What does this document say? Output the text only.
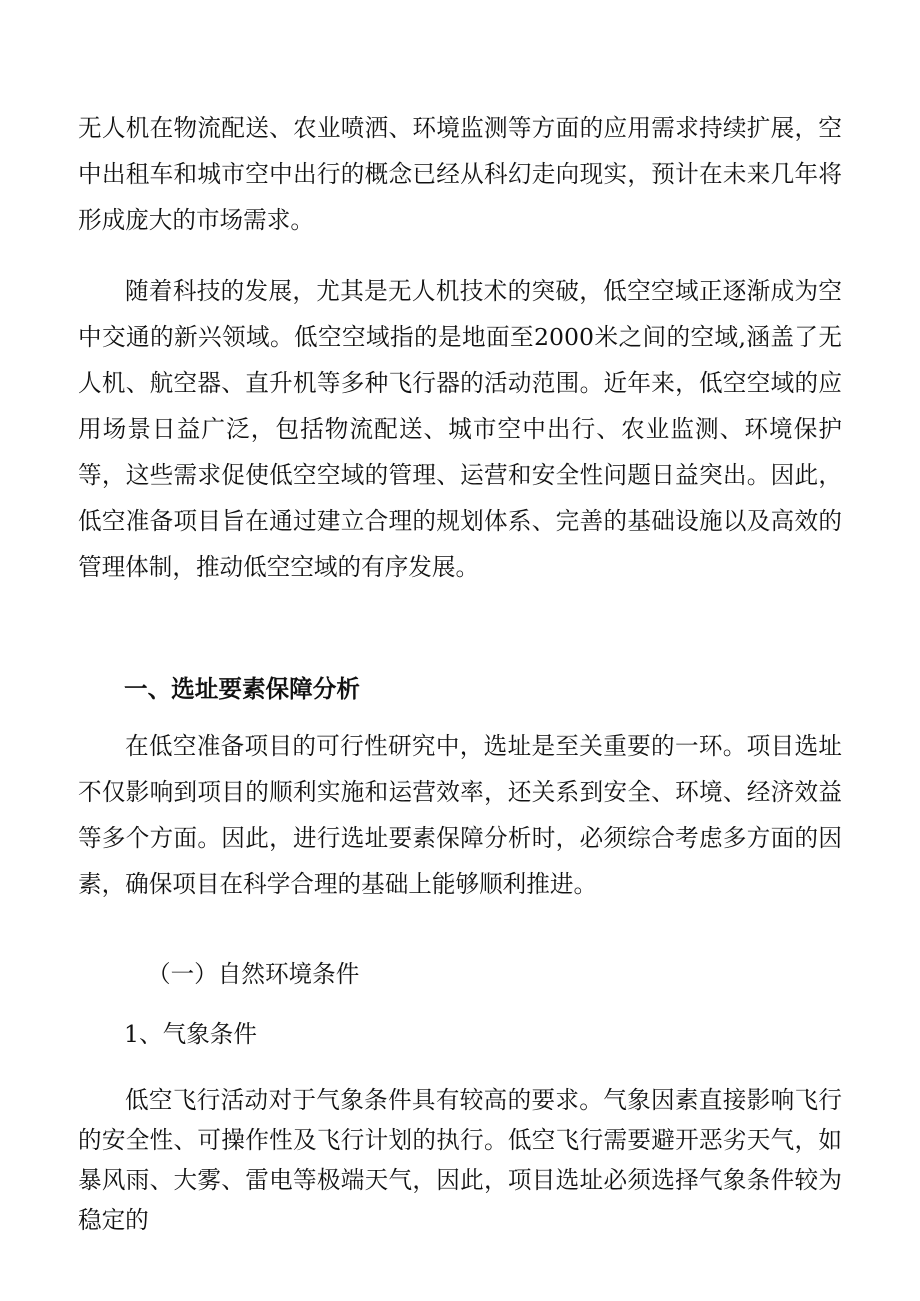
无人机在物流配送、农业喷洒、环境监测等方面的应用需求持续扩展，空中出租车和城市空中出行的概念已经从科幻走向现实，预计在未来几年将形成庞大的市场需求。

随着科技的发展，尤其是无人机技术的突破，低空空域正逐渐成为空中交通的新兴领域。低空空域指的是地面至2000米之间的空域,涵盖了无人机、航空器、直升机等多种飞行器的活动范围。近年来，低空空域的应用场景日益广泛，包括物流配送、城市空中出行、农业监测、环境保护等，这些需求促使低空空域的管理、运营和安全性问题日益突出。因此，低空准备项目旨在通过建立合理的规划体系、完善的基础设施以及高效的管理体制，推动低空空域的有序发展。

一、选址要素保障分析

在低空准备项目的可行性研究中，选址是至关重要的一环。项目选址不仅影响到项目的顺利实施和运营效率，还关系到安全、环境、经济效益等多个方面。因此，进行选址要素保障分析时，必须综合考虑多方面的因素，确保项目在科学合理的基础上能够顺利推进。

（一）自然环境条件

1、气象条件

低空飞行活动对于气象条件具有较高的要求。气象因素直接影响飞行的安全性、可操作性及飞行计划的执行。低空飞行需要避开恶劣天气，如暴风雨、大雾、雷电等极端天气，因此，项目选址必须选择气象条件较为稳定的
